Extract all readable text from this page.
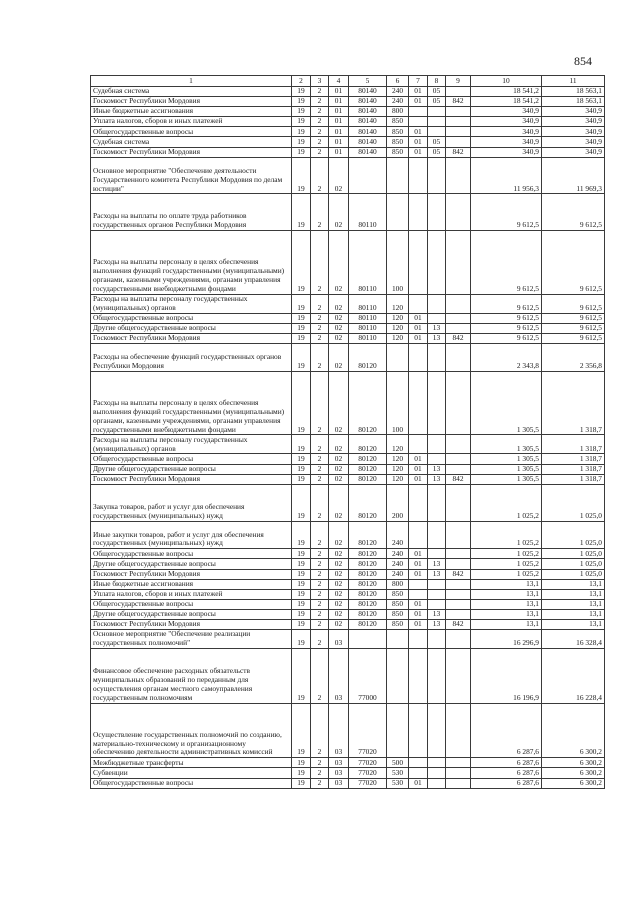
854
1	2	3	4	5	6	7	8	9	10	11
Судебная система	19	2	01	80140	240	01	05		18 541,2	18 563,1
Госкомюст Республики Мордовия	19	2	01	80140	240	01	05	842	18 541,2	18 563,1
Иные бюджетные ассигнования	19	2	01	80140	800				340,9	340,9
Уплата налогов, сборов и иных платежей	19	2	01	80140	850				340,9	340,9
Общегосударственные вопросы	19	2	01	80140	850	01			340,9	340,9
Судебная система	19	2	01	80140	850	01	05		340,9	340,9
Госкомюст Республики Мордовия	19	2	01	80140	850	01	05	842	340,9	340,9
Основное мероприятие "Обеспечение деятельности Государственного комитета Республики Мордовия по делам юстиции"	19	2	02						11 956,3	11 969,3
Расходы на выплаты по оплате труда работников государственных органов Республики Мордовия	19	2	02	80110					9 612,5	9 612,5
Расходы на выплаты персоналу в целях обеспечения выполнения функций государственными (муниципальными) органами, казенными учреждениями, органами управления государственными внебюджетными фондами	19	2	02	80110	100				9 612,5	9 612,5
Расходы на выплаты персоналу государственных (муниципальных) органов	19	2	02	80110	120				9 612,5	9 612,5
Общегосударственные вопросы	19	2	02	80110	120	01			9 612,5	9 612,5
Другие общегосударственные вопросы	19	2	02	80110	120	01	13		9 612,5	9 612,5
Госкомюст Республики Мордовия	19	2	02	80110	120	01	13	842	9 612,5	9 612,5
Расходы на обеспечение функций государственных органов Республики Мордовия	19	2	02	80120					2 343,8	2 356,8
Расходы на выплаты персоналу в целях обеспечения выполнения функций государственными (муниципальными) органами, казенными учреждениями, органами управления государственными внебюджетными фондами	19	2	02	80120	100				1 305,5	1 318,7
Расходы на выплаты персоналу государственных (муниципальных) органов	19	2	02	80120	120				1 305,5	1 318,7
Общегосударственные вопросы	19	2	02	80120	120	01			1 305,5	1 318,7
Другие общегосударственные вопросы	19	2	02	80120	120	01	13		1 305,5	1 318,7
Госкомюст Республики Мордовия	19	2	02	80120	120	01	13	842	1 305,5	1 318,7
Закупка товаров, работ и услуг для обеспечения государственных (муниципальных) нужд	19	2	02	80120	200				1 025,2	1 025,0
Иные закупки товаров, работ и услуг для обеспечения государственных (муниципальных) нужд	19	2	02	80120	240				1 025,2	1 025,0
Общегосударственные вопросы	19	2	02	80120	240	01			1 025,2	1 025,0
Другие общегосударственные вопросы	19	2	02	80120	240	01	13		1 025,2	1 025,0
Госкомюст Республики Мордовия	19	2	02	80120	240	01	13	842	1 025,2	1 025,0
Иные бюджетные ассигнования	19	2	02	80120	800				13,1	13,1
Уплата налогов, сборов и иных платежей	19	2	02	80120	850				13,1	13,1
Общегосударственные вопросы	19	2	02	80120	850	01			13,1	13,1
Другие общегосударственные вопросы	19	2	02	80120	850	01	13		13,1	13,1
Госкомюст Республики Мордовия	19	2	02	80120	850	01	13	842	13,1	13,1
Основное мероприятие "Обеспечение реализации государственных полномочий"	19	2	03						16 296,9	16 328,4
Финансовое обеспечение расходных обязательств муниципальных образований по переданным для осуществления органам местного самоуправления государственным полномочиям	19	2	03	77000					16 196,9	16 228,4
Осуществление государственных полномочий по созданию, материально-техническому и организационному обеспечению деятельности административных комиссий	19	2	03	77020					6 287,6	6 300,2
Межбюджетные трансферты	19	2	03	77020	500				6 287,6	6 300,2
Субвенции	19	2	03	77020	530				6 287,6	6 300,2
Общегосударственные вопросы	19	2	03	77020	530	01			6 287,6	6 300,2
